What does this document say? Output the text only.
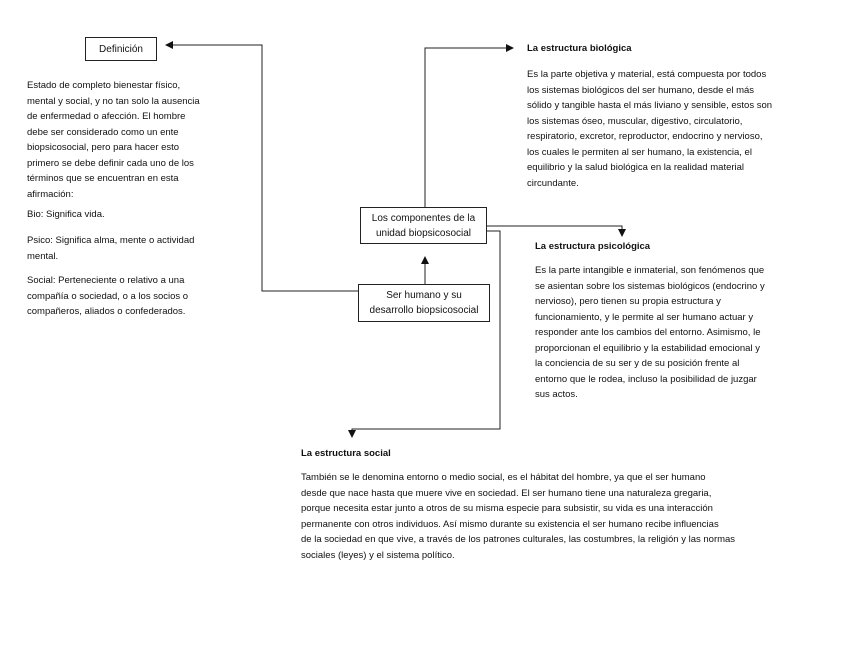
Definición
Estado de completo bienestar físico,
mental y social, y no tan solo la ausencia
de enfermedad o afección. El hombre
debe ser considerado como un ente
biopsicosocial, pero para hacer esto
primero se debe definir cada uno de los
términos que se encuentran en esta
afirmación:
Bio: Significa vida.
Psico: Significa alma, mente o actividad
mental.
Social: Perteneciente o relativo a una
compañía o sociedad, o a los socios o
compañeros, aliados o confederados.
Los componentes de la unidad biopsicosocial
Ser humano y su desarrollo biopsicosocial
La estructura biológica
Es la parte objetiva y material, está compuesta por todos
los sistemas biológicos del ser humano, desde el más
sólido y tangible hasta el más liviano y sensible, estos son
los sistemas óseo, muscular, digestivo, circulatorio,
respiratorio, excretor, reproductor, endocrino y nervioso,
los cuales le permiten al ser humano, la existencia, el
equilibrio y la salud biológica en la realidad material
circundante.
La estructura psicológica
Es la parte intangible e inmaterial, son fenómenos que
se asientan sobre los sistemas biológicos (endocrino y
nervioso), pero tienen su propia estructura y
funcionamiento, y le permite al ser humano actuar y
responder ante los cambios del entorno. Asimismo, le
proporcionan el equilibrio y la estabilidad emocional y
la conciencia de su ser y de su posición frente al
entorno que le rodea, incluso la posibilidad de juzgar
sus actos.
La estructura social
También se le denomina entorno o medio social, es el hábitat del hombre, ya que el ser humano
desde que nace hasta que muere vive en sociedad. El ser humano tiene una naturaleza gregaria,
porque necesita estar junto a otros de su misma especie para subsistir, su vida es una interacción
permanente con otros individuos. Así mismo durante su existencia el ser humano recibe influencias
de la sociedad en que vive, a través de los patrones culturales, las costumbres, la religión y las normas
sociales (leyes) y el sistema político.
